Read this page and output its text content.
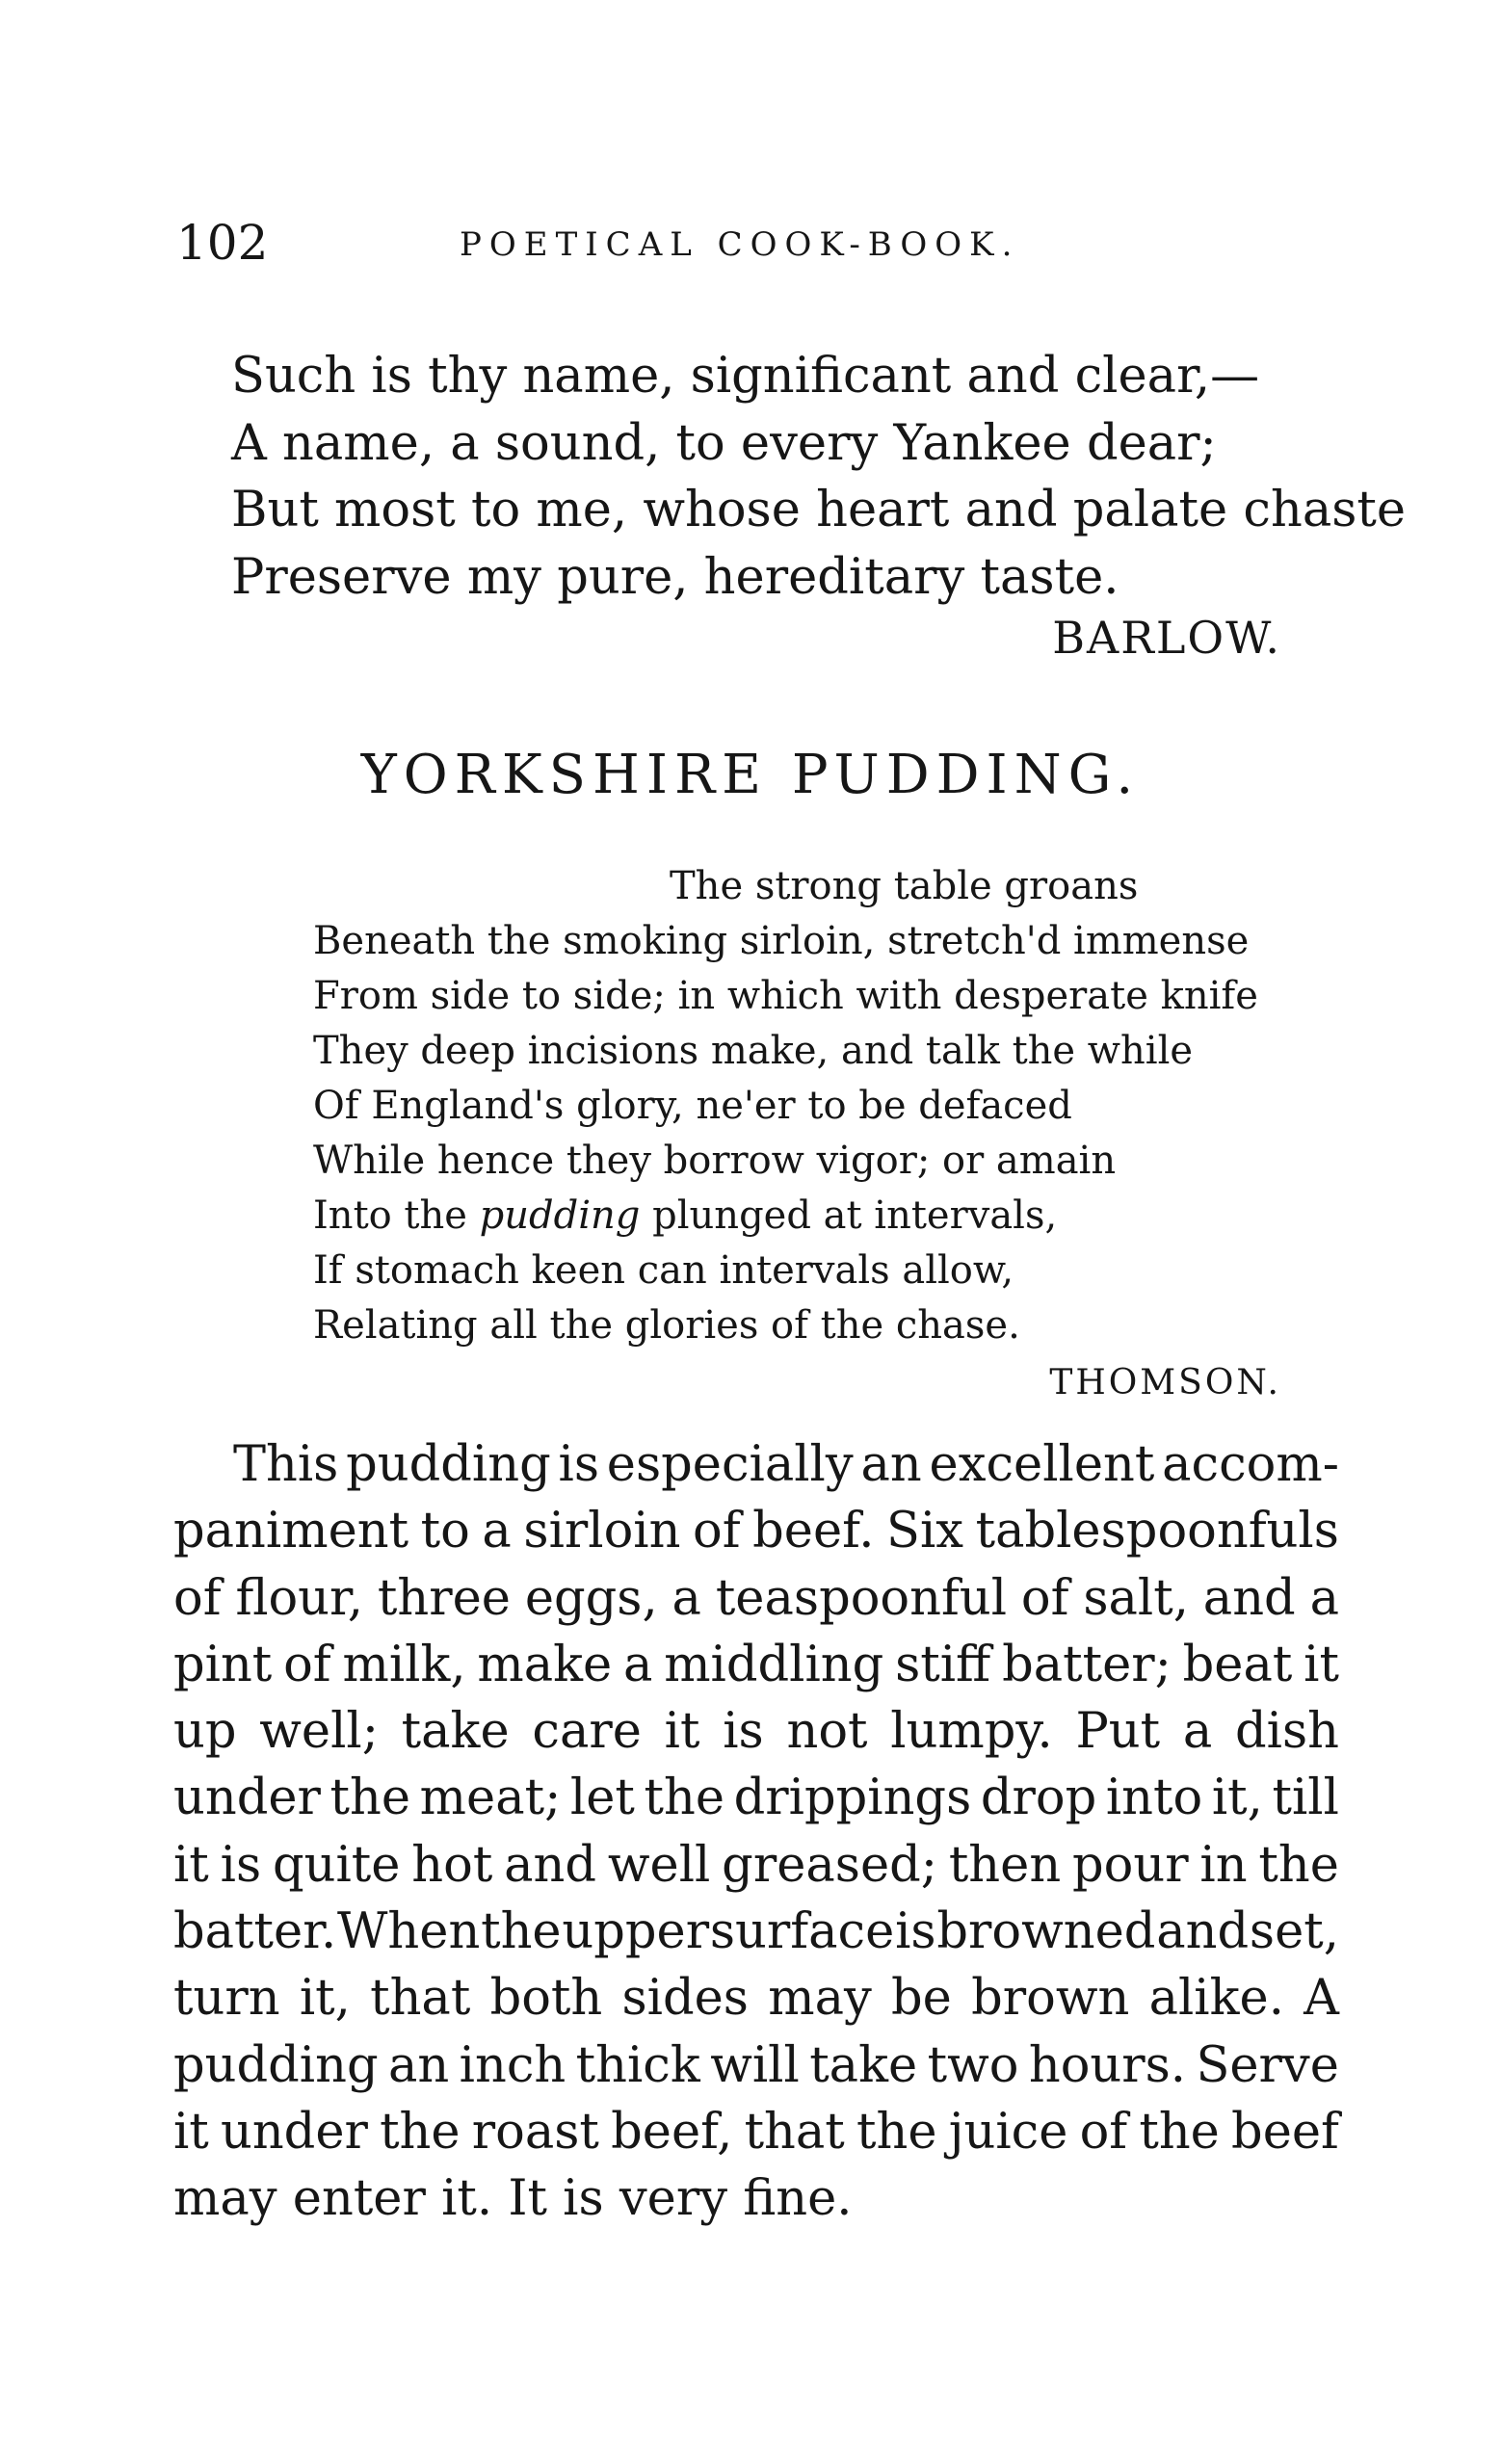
102	POETICAL COOK-BOOK.
Such is thy name, significant and clear,—
A name, a sound, to every Yankee dear;
But most to me, whose heart and palate chaste
Preserve my pure, hereditary taste.
BARLOW.
YORKSHIRE PUDDING.
The strong table groans
Beneath the smoking sirloin, stretch'd immense
From side to side; in which with desperate knife
They deep incisions make, and talk the while
Of England's glory, ne'er to be defaced
While hence they borrow vigor; or amain
Into the pudding plunged at intervals,
If stomach keen can intervals allow,
Relating all the glories of the chase.
THOMSON.
This pudding is especially an excellent accom-
paniment to a sirloin of beef. Six tablespoonfuls
of flour, three eggs, a teaspoonful of salt, and a
pint of milk, make a middling stiff batter; beat it
up well; take care it is not lumpy. Put a dish
under the meat; let the drippings drop into it, till
it is quite hot and well greased; then pour in the
batter. When the upper surface is browned and set,
turn it, that both sides may be brown alike. A
pudding an inch thick will take two hours. Serve
it under the roast beef, that the juice of the beef
may enter it. It is very fine.
